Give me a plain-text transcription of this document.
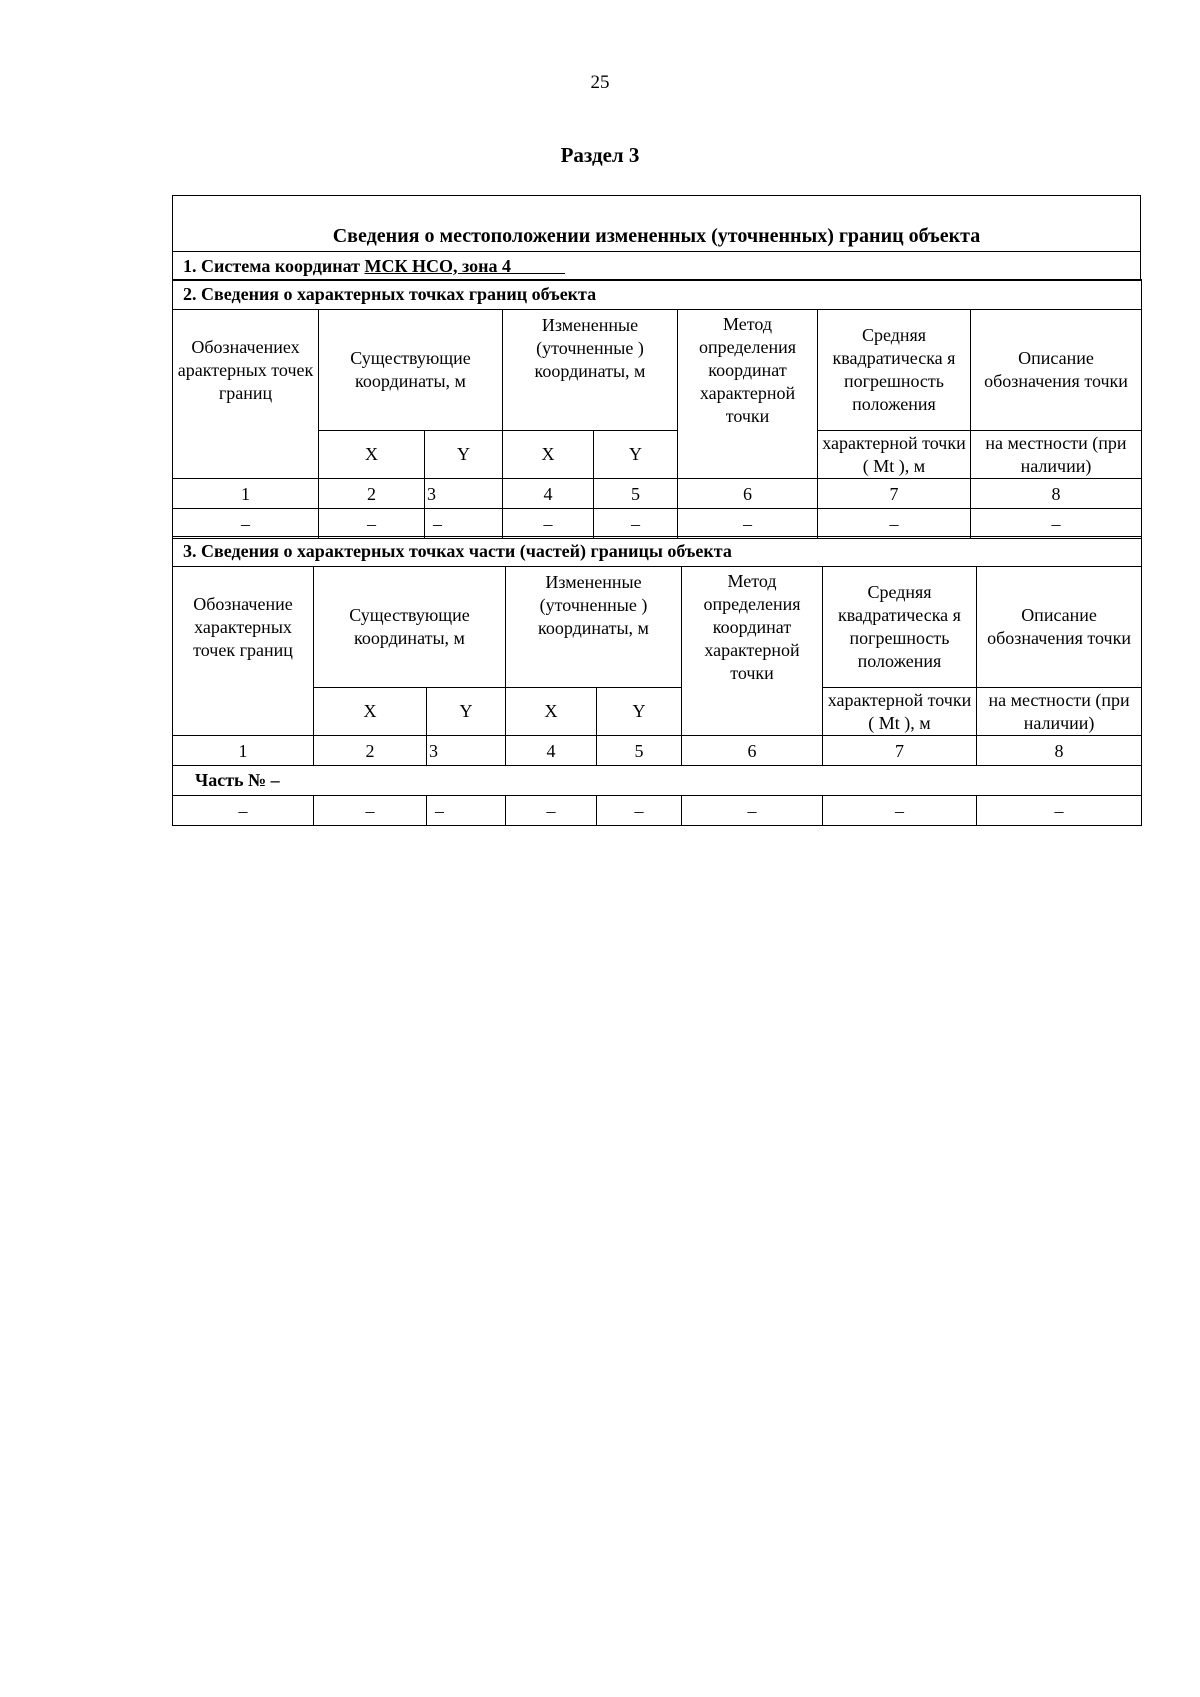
25
Раздел 3
Сведения о местоположении измененных (уточненных) границ объекта
1. Система координат МСК НСО, зона 4
2. Сведения о характерных точках границ объекта							
Обозначениех арактерных точек границ	Существующие координаты, м		Измененные (уточненные ) координаты, м		Метод определения координат характерной точки	Средняя квадратическа я погрешность положения	Описание обозначения точки
	X	Y	X	Y		характерной точки ( Mt ), м	на местности (при наличии)
1	2	3	4	5	6	7	8
–	–	–	–	–	–	–	–
3. Сведения о характерных точках части (частей) границы объекта							
Обозначение характерных точек границ	Существующие координаты, м		Измененные (уточненные ) координаты, м		Метод определения координат характерной точки	Средняя квадратическа я погрешность положения	Описание обозначения точки
	X	Y	X	Y		характерной точки ( Mt ), м	на местности (при наличии)
1	2	3	4	5	6	7	8
Часть № –							
–	–	–	–	–	–	–	–
